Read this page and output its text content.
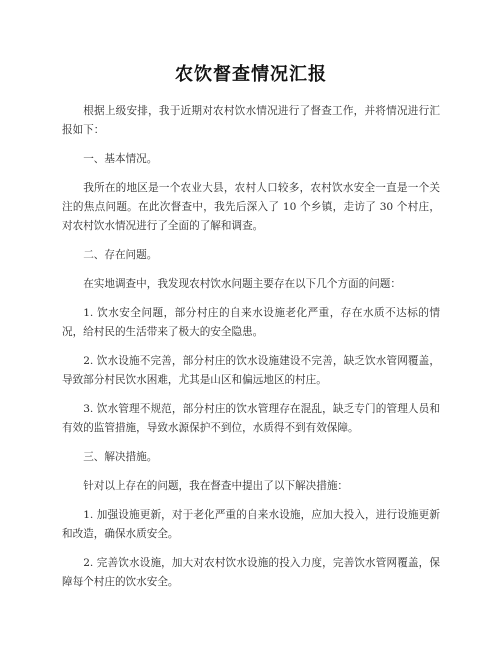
农饮督查情况汇报

根据上级安排，我于近期对农村饮水情况进行了督查工作，并将情况进行汇报如下：

一、基本情况。

我所在的地区是一个农业大县，农村人口较多，农村饮水安全一直是一个关注的焦点问题。在此次督查中，我先后深入了 10 个乡镇，走访了 30 个村庄，对农村饮水情况进行了全面的了解和调查。

二、存在问题。

在实地调查中，我发现农村饮水问题主要存在以下几个方面的问题：

1. 饮水安全问题，部分村庄的自来水设施老化严重，存在水质不达标的情况，给村民的生活带来了极大的安全隐患。

2. 饮水设施不完善，部分村庄的饮水设施建设不完善，缺乏饮水管网覆盖，导致部分村民饮水困难，尤其是山区和偏远地区的村庄。

3. 饮水管理不规范，部分村庄的饮水管理存在混乱，缺乏专门的管理人员和有效的监管措施，导致水源保护不到位，水质得不到有效保障。

三、解决措施。

针对以上存在的问题，我在督查中提出了以下解决措施：

1. 加强设施更新，对于老化严重的自来水设施，应加大投入，进行设施更新和改造，确保水质安全。

2. 完善饮水设施，加大对农村饮水设施的投入力度，完善饮水管网覆盖，保障每个村庄的饮水安全。
